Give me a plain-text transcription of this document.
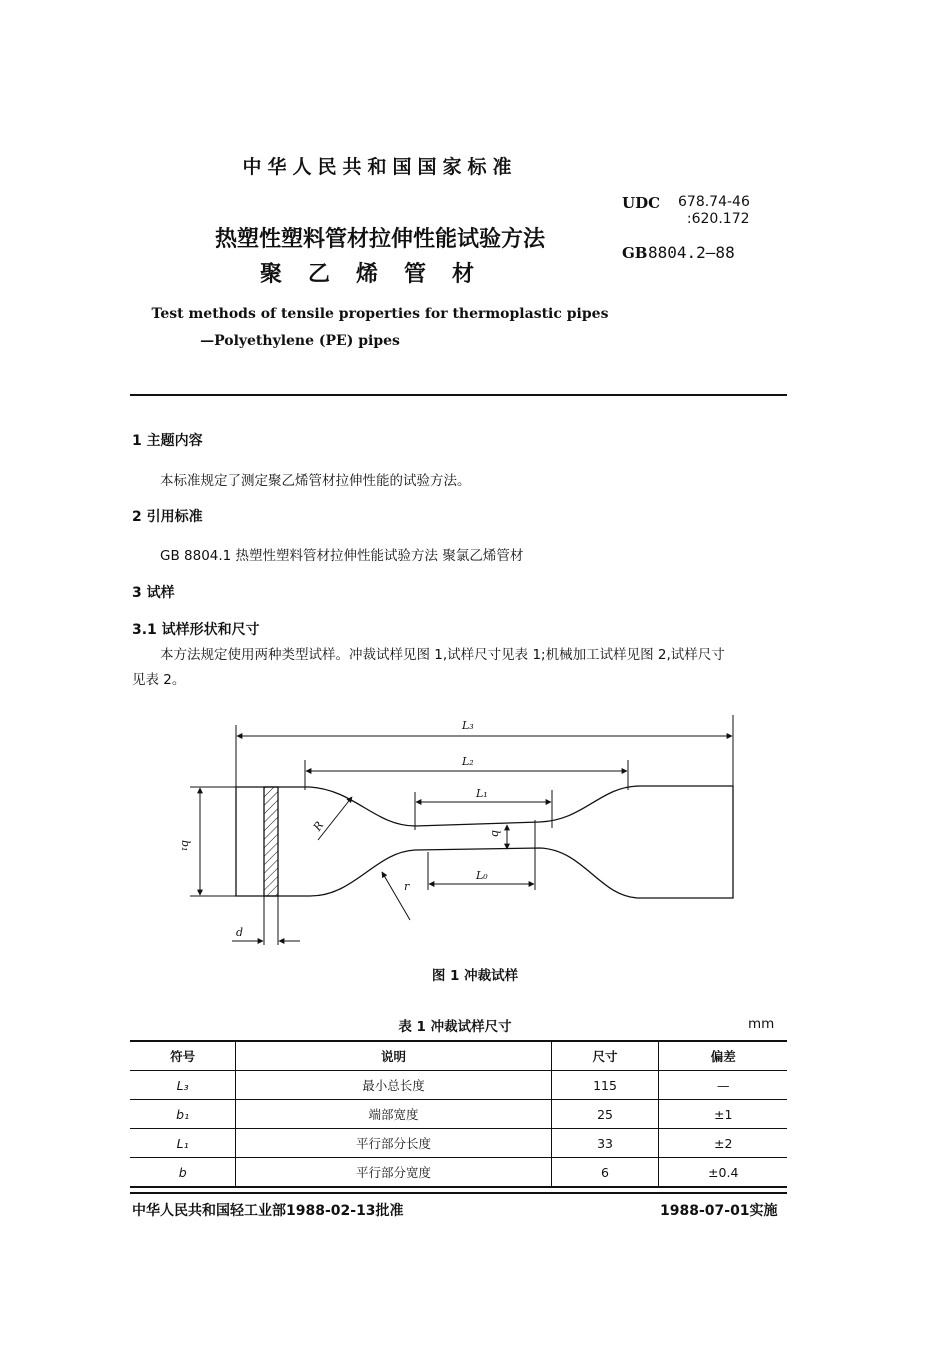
中华人民共和国国家标准
UDC 678.74-46
:620.172
GB 8804.2—88
热塑性塑料管材拉伸性能试验方法
聚乙烯管材
Test methods of tensile properties for thermoplastic pipes
—Polyethylene (PE) pipes
1 主题内容
本标准规定了测定聚乙烯管材拉伸性能的试验方法。
2 引用标准
GB 8804.1 热塑性塑料管材拉伸性能试验方法 聚氯乙烯管材
3 试样
3.1 试样形状和尺寸
本方法规定使用两种类型试样。冲裁试样见图 1,试样尺寸见表 1;机械加工试样见图 2,试样尺寸
见表 2。
L₃
L₂
L₁
L₀
R
r
b
b₁
d
图 1 冲裁试样
表 1 冲裁试样尺寸	mm
符号	说明	尺寸	偏差
L₃	最小总长度	115	—
b₁	端部宽度	25	±1
L₁	平行部分长度	33	±2
b	平行部分宽度	6	±0.4
中华人民共和国轻工业部1988-02-13批准	1988-07-01实施
